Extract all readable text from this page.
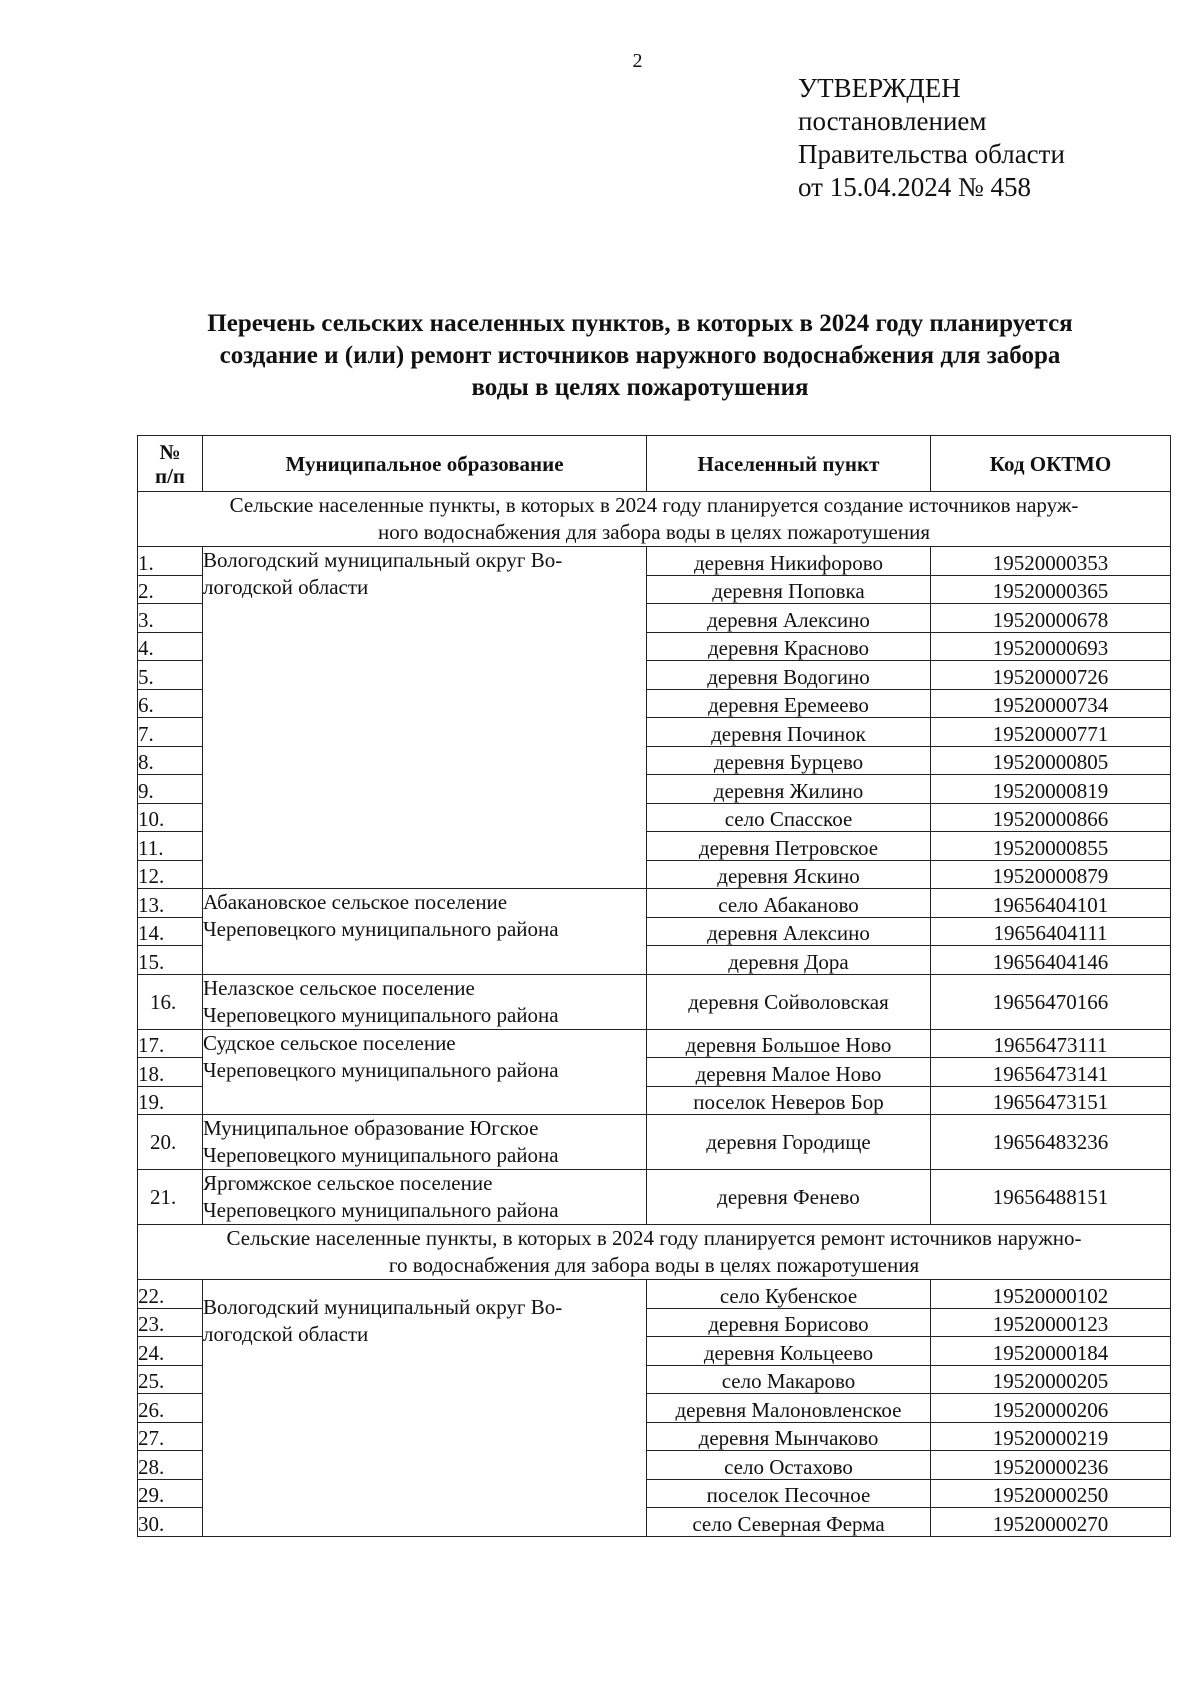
2
УТВЕРЖДЕН
постановлением
Правительства области
от 15.04.2024 № 458
Перечень сельских населенных пунктов, в которых в 2024 году планируется
создание и (или) ремонт источников наружного водоснабжения для забора
воды в целях пожаротушения
№
п/п	Муниципальное образование	Населенный пункт	Код ОКТМО

Сельские населенные пункты, в которых в 2024 году планируется создание источников наруж-
ного водоснабжения для забора воды в целях пожаротушения			

1.	Вологодский муниципальный округ Во-
логодской области	деревня Никифорово	19520000353
2.		деревня Поповка	19520000365
3.		деревня Алексино	19520000678
4.		деревня Красново	19520000693
5.		деревня Водогино	19520000726
6.		деревня Еремеево	19520000734
7.		деревня Починок	19520000771
8.		деревня Бурцево	19520000805
9.		деревня Жилино	19520000819
10.		село Спасское	19520000866
11.		деревня Петровское	19520000855
12.		деревня Яскино	19520000879
13.	Абакановское сельское поселение
Череповецкого муниципального района	село Абаканово	19656404101
14.		деревня Алексино	19656404111
15.		деревня Дора	19656404146
16.	Нелазское сельское поселение
Череповецкого муниципального района	деревня Сойволовская	19656470166
17.	Судское сельское поселение
Череповецкого муниципального района	деревня Большое Ново	19656473111
18.		деревня Малое Ново	19656473141
19.		поселок Неверов Бор	19656473151
20.	Муниципальное образование Югское
Череповецкого муниципального района	деревня Городище	19656483236
21.	Яргомжское сельское поселение
Череповецкого муниципального района	деревня Фенево	19656488151

Сельские населенные пункты, в которых в 2024 году планируется ремонт источников наружно-
го водоснабжения для забора воды в целях пожаротушения			

22.	Вологодский муниципальный округ Во-
логодской области	село Кубенское	19520000102
23.		деревня Борисово	19520000123
24.		деревня Кольцеево	19520000184
25.		село Макарово	19520000205
26.		деревня Малоновленское	19520000206
27.		деревня Мынчаково	19520000219
28.		село Остахово	19520000236
29.		поселок Песочное	19520000250
30.		село Северная Ферма	19520000270
